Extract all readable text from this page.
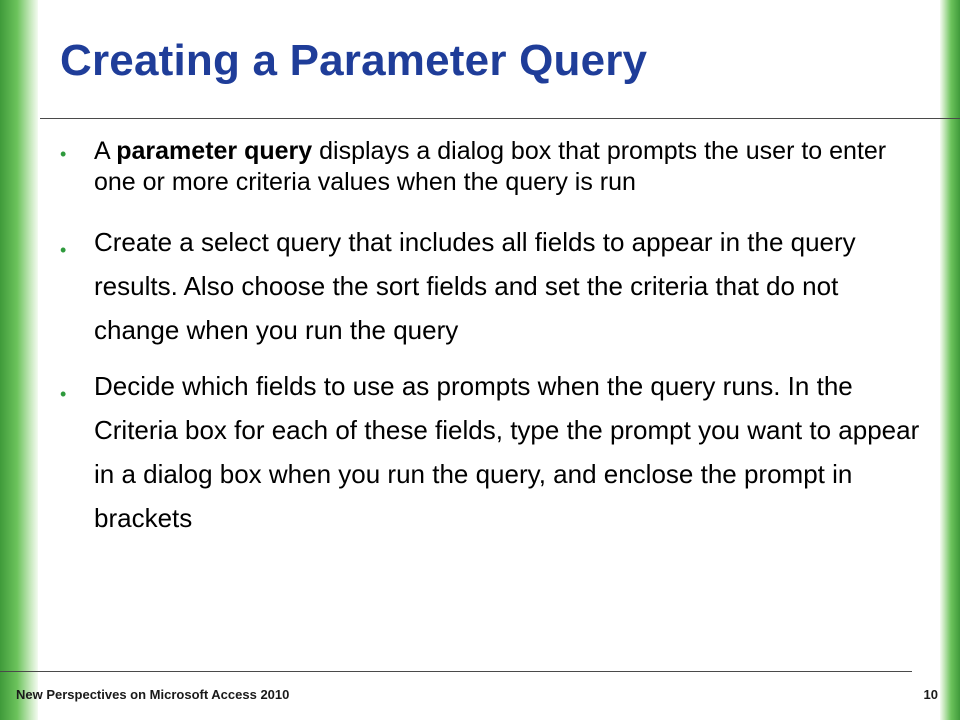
Creating a Parameter Query
• A parameter query displays a dialog box that prompts the user to enter one or more criteria values when the query is run
• Create a select query that includes all fields to appear in the query results. Also choose the sort fields and set the criteria that do not change when you run the query
• Decide which fields to use as prompts when the query runs. In the Criteria box for each of these fields, type the prompt you want to appear in a dialog box when you run the query, and enclose the prompt in brackets
New Perspectives on Microsoft Access 2010	10
